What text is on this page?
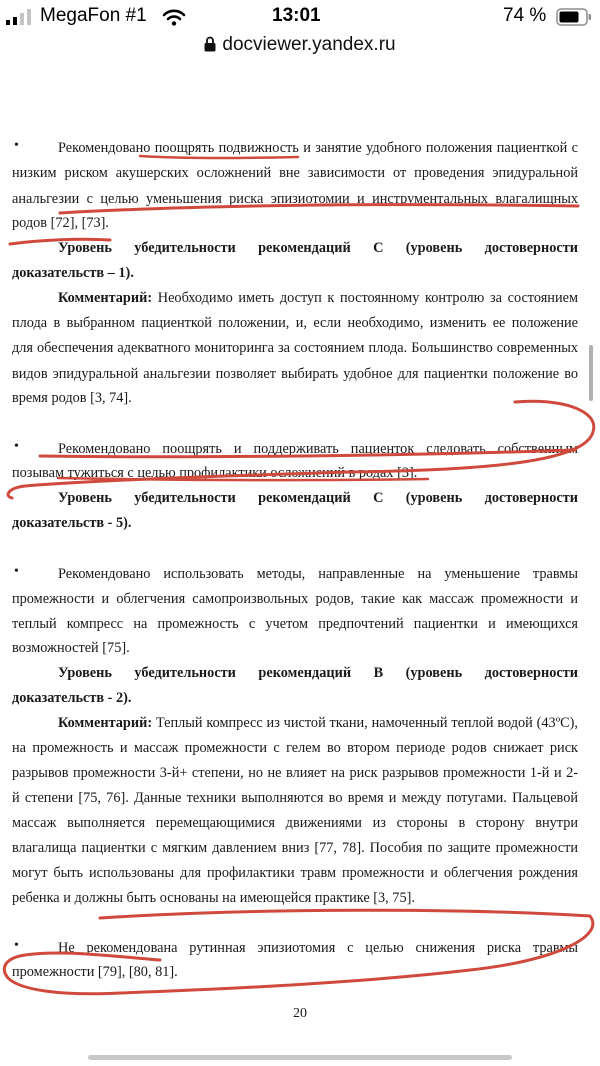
MegaFon #1	13:01	74 %
docviewer.yandex.ru
•	Рекомендовано поощрять подвижность и занятие удобного положения пациенткой с
низким риском акушерских осложнений вне зависимости от проведения эпидуральной
анальгезии с целью уменьшения риска эпизиотомии и инструментальных влагалищных
родов [72], [73].
Уровень убедительности рекомендаций C (уровень достоверности
доказательств – 1).
Комментарий: Необходимо иметь доступ к постоянному контролю за состоянием
плода в выбранном пациенткой положении, и, если необходимо, изменить ее положение
для обеспечения адекватного мониторинга за состоянием плода. Большинство современных
видов эпидуральной анальгезии позволяет выбирать удобное для пациентки положение во
время родов [3, 74].
•	Рекомендовано поощрять и поддерживать пациенток следовать собственным
позывам тужиться с целью профилактики осложнений в родах [3].
Уровень убедительности рекомендаций C (уровень достоверности
доказательств - 5).
•	Рекомендовано использовать методы, направленные на уменьшение травмы
промежности и облегчения самопроизвольных родов, такие как массаж промежности и
теплый компресс на промежность с учетом предпочтений пациентки и имеющихся
возможностей [75].
Уровень убедительности рекомендаций B (уровень достоверности
доказательств - 2).
Комментарий: Теплый компресс из чистой ткани, намоченный теплой водой (43ºС),
на промежность и массаж промежности с гелем во втором периоде родов снижает риск
разрывов промежности 3-й+ степени, но не влияет на риск разрывов промежности 1-й и 2-
й степени [75, 76]. Данные техники выполняются во время и между потугами. Пальцевой
массаж выполняется перемещающимися движениями из стороны в сторону внутри
влагалища пациентки с мягким давлением вниз [77, 78]. Пособия по защите промежности
могут быть использованы для профилактики травм промежности и облегчения рождения
ребенка и должны быть основаны на имеющейся практике [3, 75].
•	Не рекомендована рутинная эпизиотомия с целью снижения риска травмы
промежности [79], [80, 81].
20
